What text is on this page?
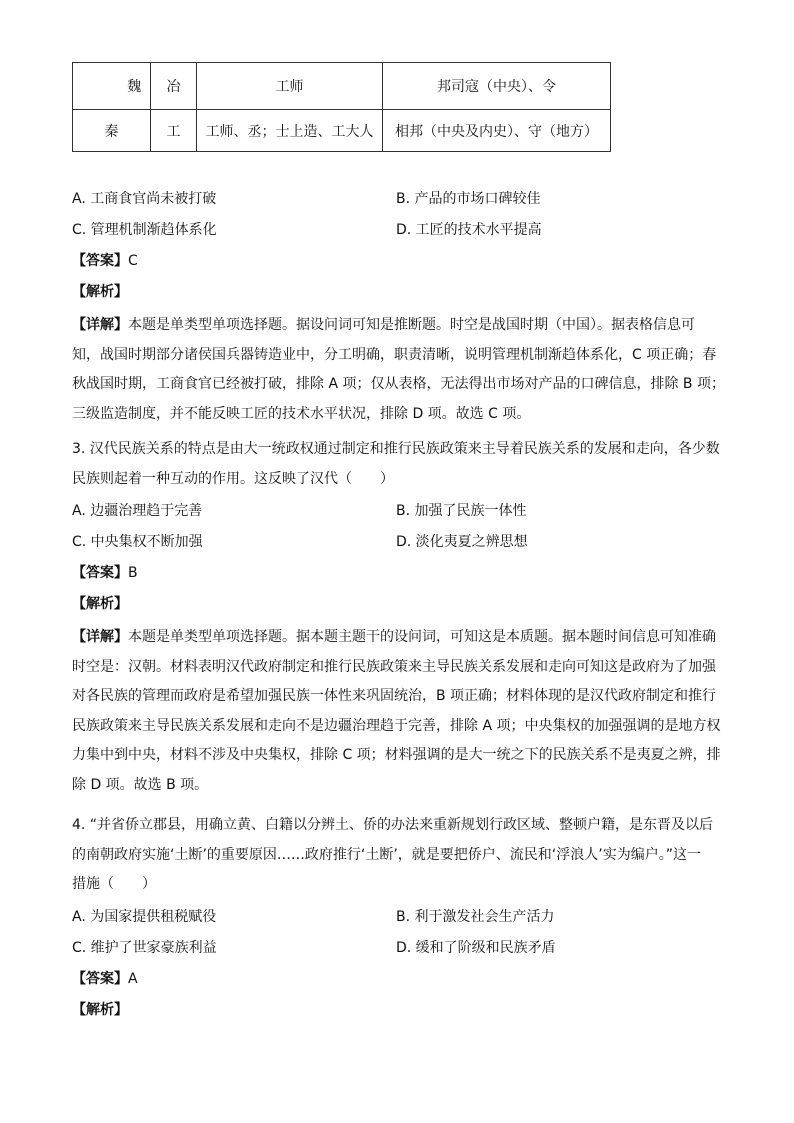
	魏	冶	工师	邦司寇（中央）、令
秦		工	工师、丞；士上造、工大人	相邦（中央及内史）、守（地方）
A. 工商食官尚未被打破	B. 产品的市场口碑较佳
C. 管理机制渐趋体系化	D. 工匠的技术水平提高
【答案】C
【解析】
【详解】本题是单类型单项选择题。据设问词可知是推断题。时空是战国时期（中国）。据表格信息可
知，战国时期部分诸侯国兵器铸造业中，分工明确，职责清晰，说明管理机制渐趋体系化，C 项正确；春
秋战国时期，工商食官已经被打破，排除 A 项；仅从表格，无法得出市场对产品的口碑信息，排除 B 项；
三级监造制度，并不能反映工匠的技术水平状况，排除 D 项。故选 C 项。
3. 汉代民族关系的特点是由大一统政权通过制定和推行民族政策来主导着民族关系的发展和走向，各少数
民族则起着一种互动的作用。这反映了汉代（　　）
A. 边疆治理趋于完善	B. 加强了民族一体性
C. 中央集权不断加强	D. 淡化夷夏之辨思想
【答案】B
【解析】
【详解】本题是单类型单项选择题。据本题主题干的设问词，可知这是本质题。据本题时间信息可知准确
时空是：汉朝。材料表明汉代政府制定和推行民族政策来主导民族关系发展和走向可知这是政府为了加强
对各民族的管理而政府是希望加强民族一体性来巩固统治，B 项正确；材料体现的是汉代政府制定和推行
民族政策来主导民族关系发展和走向不是边疆治理趋于完善，排除 A 项；中央集权的加强强调的是地方权
力集中到中央，材料不涉及中央集权，排除 C 项；材料强调的是大一统之下的民族关系不是夷夏之辨，排
除 D 项。故选 B 项。
4. “并省侨立郡县，用确立黄、白籍以分辨土、侨的办法来重新规划行政区域、整顿户籍，是东晋及以后
的南朝政府实施‘土断’的重要原因……政府推行‘土断’，就是要把侨户、流民和‘浮浪人’实为编户。”这一
措施（　　）
A. 为国家提供租税赋役	B. 利于激发社会生产活力
C. 维护了世家豪族利益	D. 缓和了阶级和民族矛盾
【答案】A
【解析】
